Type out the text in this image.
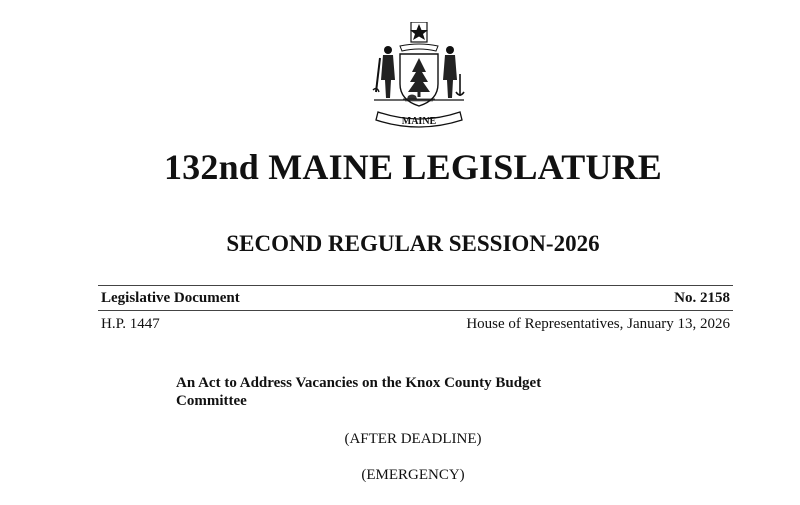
MAINE
132nd MAINE LEGISLATURE
SECOND REGULAR SESSION-2026
Legislative Document	No. 2158
H.P. 1447	House of Representatives, January 13, 2026
An Act to Address Vacancies on the Knox County Budget
Committee
(AFTER DEADLINE)
(EMERGENCY)
